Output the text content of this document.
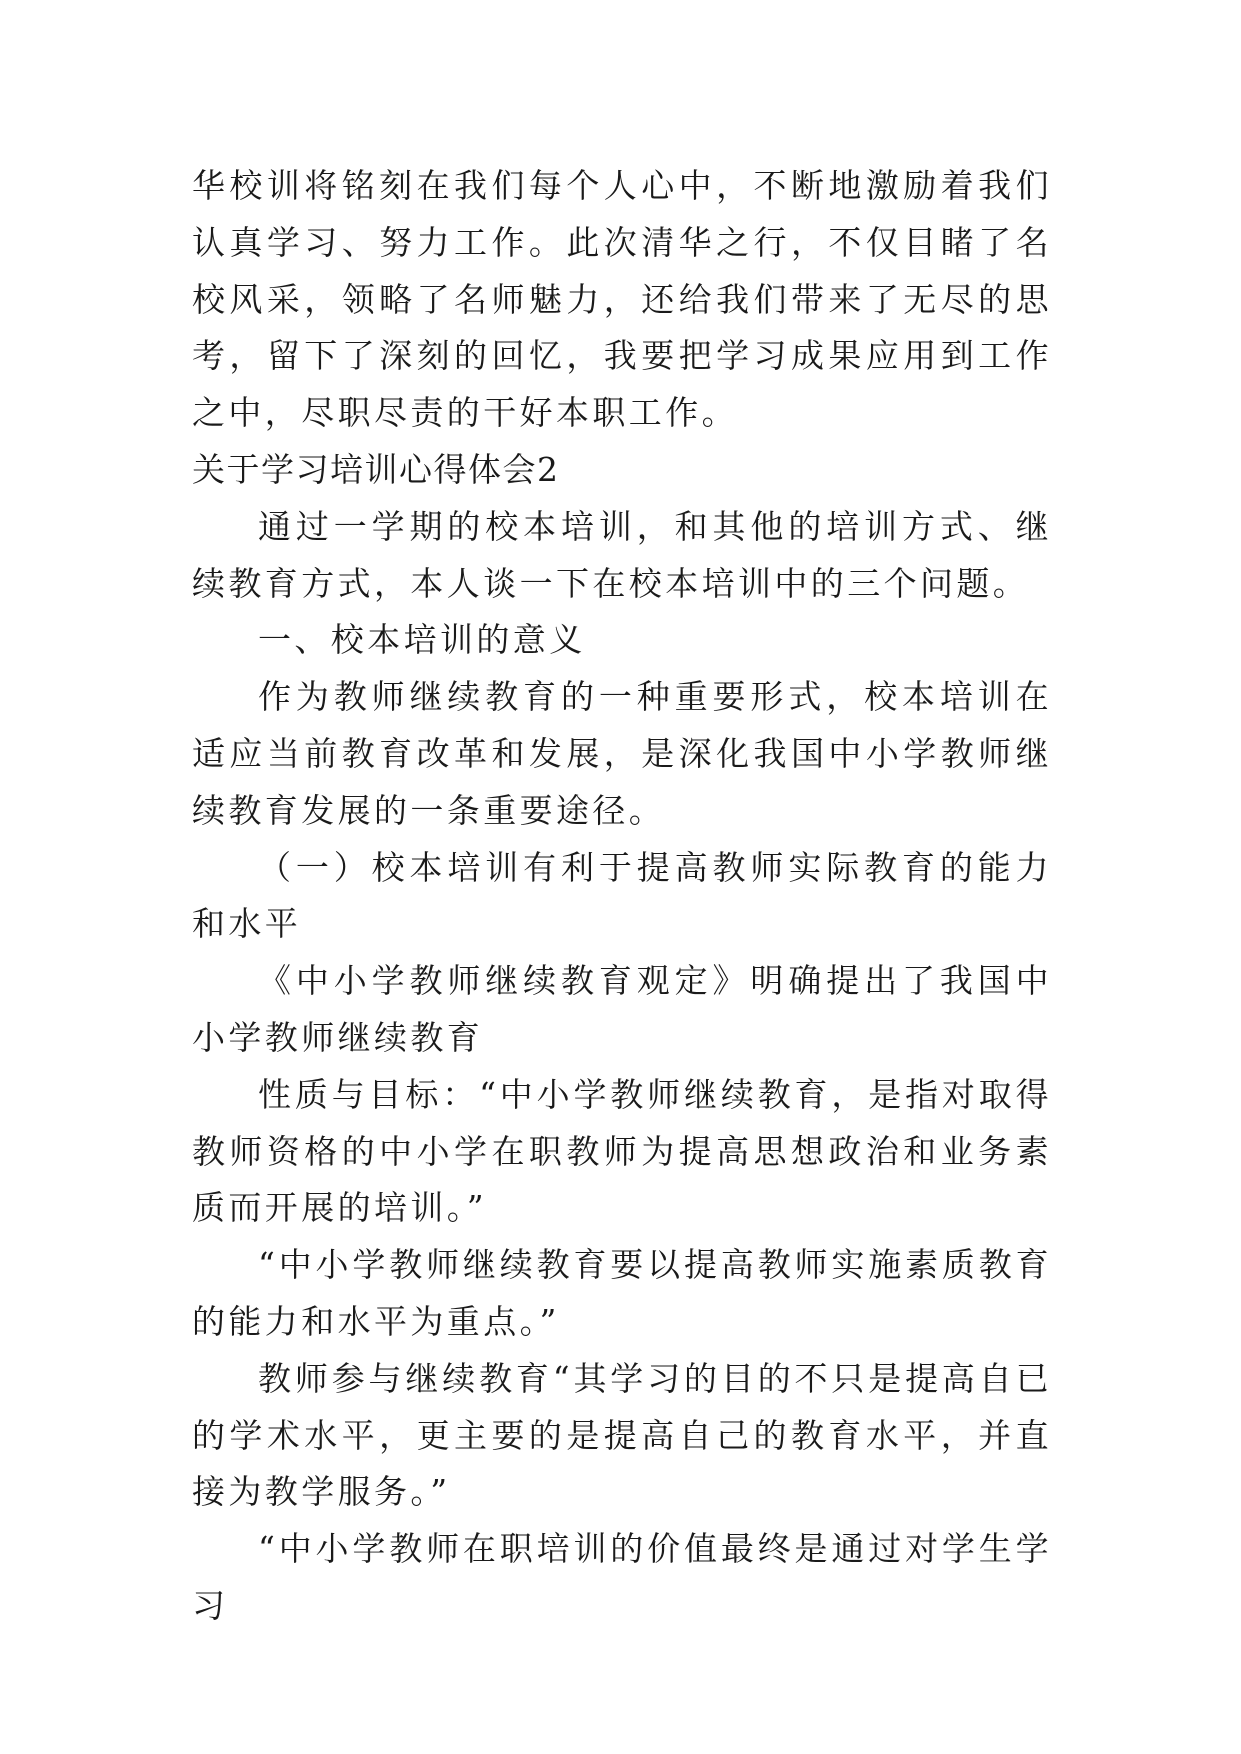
华校训将铭刻在我们每个人心中，不断地激励着我们认真学习、努力工作。此次清华之行，不仅目睹了名校风采，领略了名师魅力，还给我们带来了无尽的思考，留下了深刻的回忆，我要把学习成果应用到工作之中，尽职尽责的干好本职工作。

关于学习培训心得体会2

通过一学期的校本培训，和其他的培训方式、继续教育方式，本人谈一下在校本培训中的三个问题。

一、校本培训的意义

作为教师继续教育的一种重要形式，校本培训在适应当前教育改革和发展，是深化我国中小学教师继续教育发展的一条重要途径。

（一）校本培训有利于提高教师实际教育的能力和水平

《中小学教师继续教育观定》明确提出了我国中小学教师继续教育

性质与目标：“中小学教师继续教育，是指对取得教师资格的中小学在职教师为提高思想政治和业务素质而开展的培训。”

“中小学教师继续教育要以提高教师实施素质教育的能力和水平为重点。”

教师参与继续教育“其学习的目的不只是提高自已的学术水平，更主要的是提高自己的教育水平，并直接为教学服务。”

“中小学教师在职培训的价值最终是通过对学生学习
